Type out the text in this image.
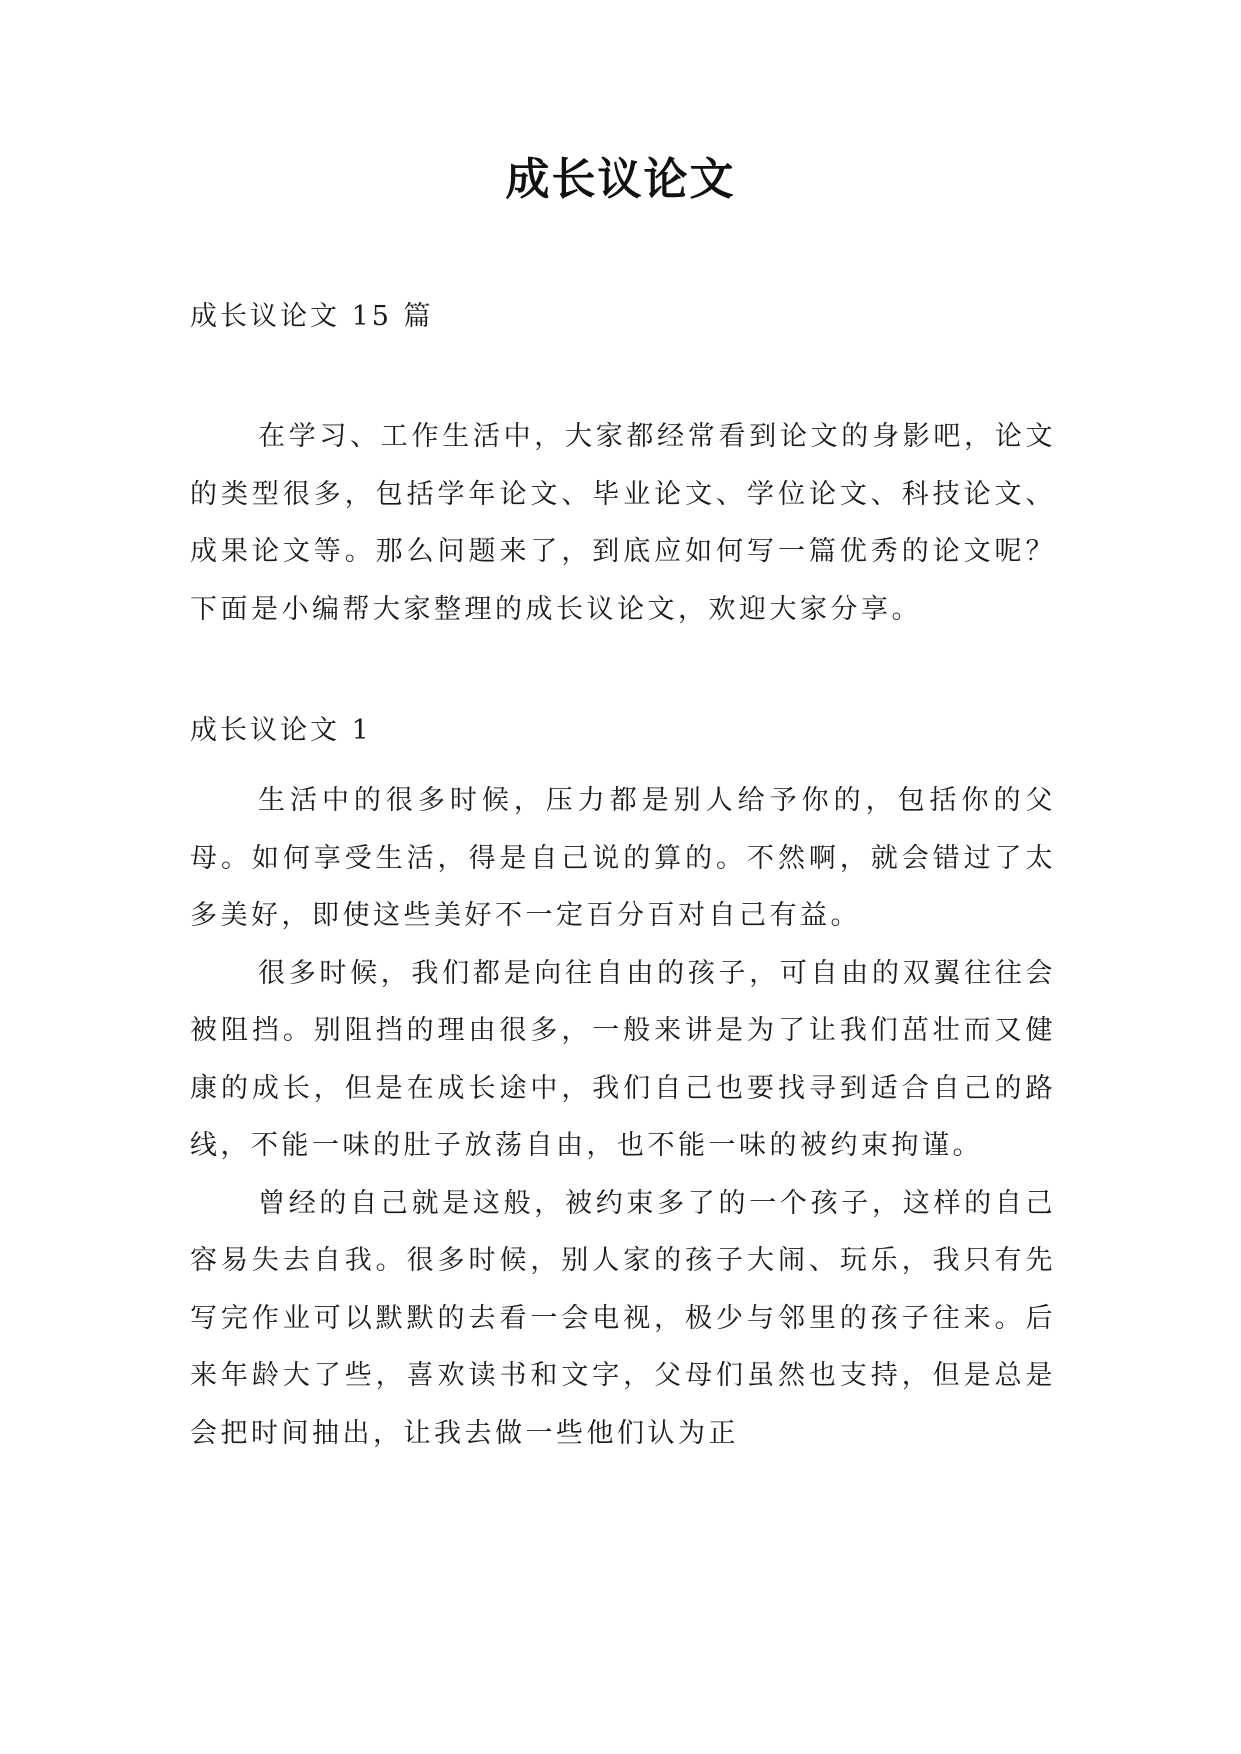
成长议论文

成长议论文 15 篇

在学习、工作生活中，大家都经常看到论文的身影吧，论文的类型很多，包括学年论文、毕业论文、学位论文、科技论文、成果论文等。那么问题来了，到底应如何写一篇优秀的论文呢？下面是小编帮大家整理的成长议论文，欢迎大家分享。

成长议论文 1

生活中的很多时候，压力都是别人给予你的，包括你的父母。如何享受生活，得是自己说的算的。不然啊，就会错过了太多美好，即使这些美好不一定百分百对自己有益。

很多时候，我们都是向往自由的孩子，可自由的双翼往往会被阻挡。别阻挡的理由很多，一般来讲是为了让我们茁壮而又健康的成长，但是在成长途中，我们自己也要找寻到适合自己的路线，不能一味的肚子放荡自由，也不能一味的被约束拘谨。

曾经的自己就是这般，被约束多了的一个孩子，这样的自己容易失去自我。很多时候，别人家的孩子大闹、玩乐，我只有先写完作业可以默默的去看一会电视，极少与邻里的孩子往来。后来年龄大了些，喜欢读书和文字，父母们虽然也支持，但是总是会把时间抽出，让我去做一些他们认为正
